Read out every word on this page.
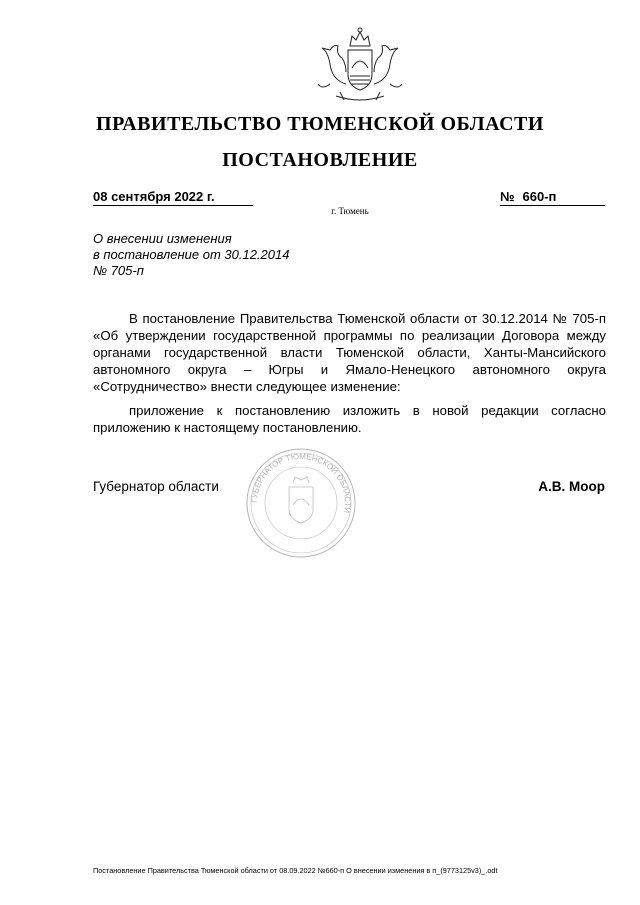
ПРАВИТЕЛЬСТВО ТЮМЕНСКОЙ ОБЛАСТИ
ПОСТАНОВЛЕНИЕ
08 сентября 2022 г.	№ 660-п
г. Тюмень
О внесении изменения
в постановление от 30.12.2014
№ 705-п

В постановление Правительства Тюменской области от 30.12.2014 № 705-п «Об утверждении государственной программы по реализации Договора между органами государственной власти Тюменской области, Ханты-Мансийского автономного округа – Югры и Ямало-Ненецкого автономного округа «Сотрудничество» внести следующее изменение:

приложение к постановлению изложить в новой редакции согласно приложению к настоящему постановлению.

ГУБЕРНАТОР ТЮМЕНСКОЙ ОБЛАСТИ
Губернатор области	А.В. Моор
Постановление Правительства Тюменской области от 08.09.2022 №660-п О внесении изменения в п_(9773125v3)_.odt
